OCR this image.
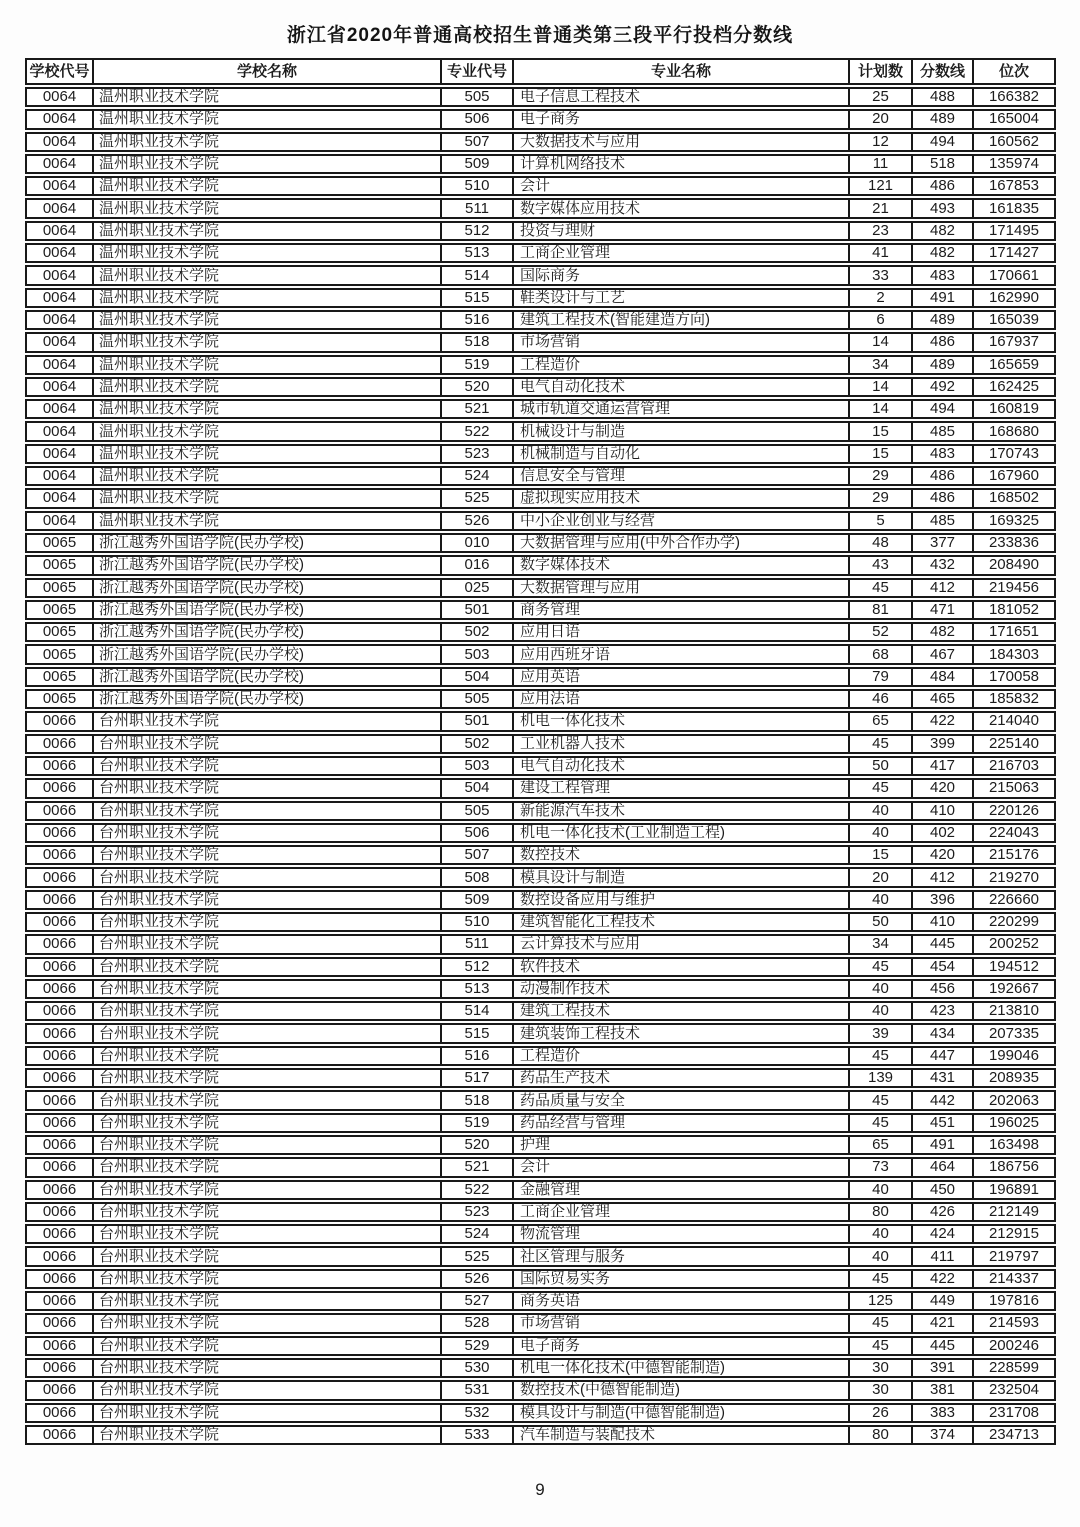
浙江省2020年普通高校招生普通类第三段平行投档分数线
学校代号	学校名称	专业代号	专业名称	计划数	分数线	位次
0064	温州职业技术学院	505	电子信息工程技术	25	488	166382
0064	温州职业技术学院	506	电子商务	20	489	165004
0064	温州职业技术学院	507	大数据技术与应用	12	494	160562
0064	温州职业技术学院	509	计算机网络技术	11	518	135974
0064	温州职业技术学院	510	会计	121	486	167853
0064	温州职业技术学院	511	数字媒体应用技术	21	493	161835
0064	温州职业技术学院	512	投资与理财	23	482	171495
0064	温州职业技术学院	513	工商企业管理	41	482	171427
0064	温州职业技术学院	514	国际商务	33	483	170661
0064	温州职业技术学院	515	鞋类设计与工艺	2	491	162990
0064	温州职业技术学院	516	建筑工程技术(智能建造方向)	6	489	165039
0064	温州职业技术学院	518	市场营销	14	486	167937
0064	温州职业技术学院	519	工程造价	34	489	165659
0064	温州职业技术学院	520	电气自动化技术	14	492	162425
0064	温州职业技术学院	521	城市轨道交通运营管理	14	494	160819
0064	温州职业技术学院	522	机械设计与制造	15	485	168680
0064	温州职业技术学院	523	机械制造与自动化	15	483	170743
0064	温州职业技术学院	524	信息安全与管理	29	486	167960
0064	温州职业技术学院	525	虚拟现实应用技术	29	486	168502
0064	温州职业技术学院	526	中小企业创业与经营	5	485	169325
0065	浙江越秀外国语学院(民办学校)	010	大数据管理与应用(中外合作办学)	48	377	233836
0065	浙江越秀外国语学院(民办学校)	016	数字媒体技术	43	432	208490
0065	浙江越秀外国语学院(民办学校)	025	大数据管理与应用	45	412	219456
0065	浙江越秀外国语学院(民办学校)	501	商务管理	81	471	181052
0065	浙江越秀外国语学院(民办学校)	502	应用日语	52	482	171651
0065	浙江越秀外国语学院(民办学校)	503	应用西班牙语	68	467	184303
0065	浙江越秀外国语学院(民办学校)	504	应用英语	79	484	170058
0065	浙江越秀外国语学院(民办学校)	505	应用法语	46	465	185832
0066	台州职业技术学院	501	机电一体化技术	65	422	214040
0066	台州职业技术学院	502	工业机器人技术	45	399	225140
0066	台州职业技术学院	503	电气自动化技术	50	417	216703
0066	台州职业技术学院	504	建设工程管理	45	420	215063
0066	台州职业技术学院	505	新能源汽车技术	40	410	220126
0066	台州职业技术学院	506	机电一体化技术(工业制造工程)	40	402	224043
0066	台州职业技术学院	507	数控技术	15	420	215176
0066	台州职业技术学院	508	模具设计与制造	20	412	219270
0066	台州职业技术学院	509	数控设备应用与维护	40	396	226660
0066	台州职业技术学院	510	建筑智能化工程技术	50	410	220299
0066	台州职业技术学院	511	云计算技术与应用	34	445	200252
0066	台州职业技术学院	512	软件技术	45	454	194512
0066	台州职业技术学院	513	动漫制作技术	40	456	192667
0066	台州职业技术学院	514	建筑工程技术	40	423	213810
0066	台州职业技术学院	515	建筑装饰工程技术	39	434	207335
0066	台州职业技术学院	516	工程造价	45	447	199046
0066	台州职业技术学院	517	药品生产技术	139	431	208935
0066	台州职业技术学院	518	药品质量与安全	45	442	202063
0066	台州职业技术学院	519	药品经营与管理	45	451	196025
0066	台州职业技术学院	520	护理	65	491	163498
0066	台州职业技术学院	521	会计	73	464	186756
0066	台州职业技术学院	522	金融管理	40	450	196891
0066	台州职业技术学院	523	工商企业管理	80	426	212149
0066	台州职业技术学院	524	物流管理	40	424	212915
0066	台州职业技术学院	525	社区管理与服务	40	411	219797
0066	台州职业技术学院	526	国际贸易实务	45	422	214337
0066	台州职业技术学院	527	商务英语	125	449	197816
0066	台州职业技术学院	528	市场营销	45	421	214593
0066	台州职业技术学院	529	电子商务	45	445	200246
0066	台州职业技术学院	530	机电一体化技术(中德智能制造)	30	391	228599
0066	台州职业技术学院	531	数控技术(中德智能制造)	30	381	232504
0066	台州职业技术学院	532	模具设计与制造(中德智能制造)	26	383	231708
0066	台州职业技术学院	533	汽车制造与装配技术	80	374	234713
9
